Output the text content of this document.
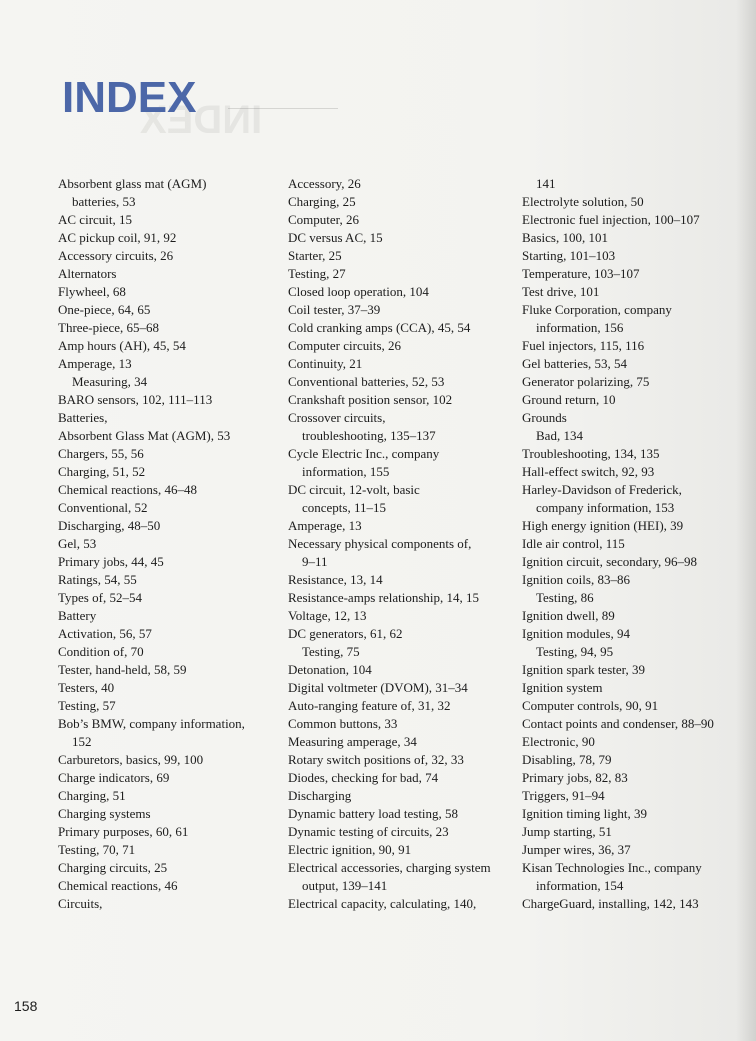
INDEX
INDEX
Absorbent glass mat (AGM)
batteries, 53
AC circuit, 15
AC pickup coil, 91, 92
Accessory circuits, 26
Alternators
Flywheel, 68
One-piece, 64, 65
Three-piece, 65–68
Amp hours (AH), 45, 54
Amperage, 13
Measuring, 34
BARO sensors, 102, 111–113
Batteries,
Absorbent Glass Mat (AGM), 53
Chargers, 55, 56
Charging, 51, 52
Chemical reactions, 46–48
Conventional, 52
Discharging, 48–50
Gel, 53
Primary jobs, 44, 45
Ratings, 54, 55
Types of, 52–54
Battery
Activation, 56, 57
Condition of, 70
Tester, hand-held, 58, 59
Testers, 40
Testing, 57
Bob’s BMW, company information,
152
Carburetors, basics, 99, 100
Charge indicators, 69
Charging, 51
Charging systems
Primary purposes, 60, 61
Testing, 70, 71
Charging circuits, 25
Chemical reactions, 46
Circuits,
Accessory, 26
Charging, 25
Computer, 26
DC versus AC, 15
Starter, 25
Testing, 27
Closed loop operation, 104
Coil tester, 37–39
Cold cranking amps (CCA), 45, 54
Computer circuits, 26
Continuity, 21
Conventional batteries, 52, 53
Crankshaft position sensor, 102
Crossover circuits,
troubleshooting, 135–137
Cycle Electric Inc., company
information, 155
DC circuit, 12-volt, basic
concepts, 11–15
Amperage, 13
Necessary physical components of,
9–11
Resistance, 13, 14
Resistance-amps relationship, 14, 15
Voltage, 12, 13
DC generators, 61, 62
Testing, 75
Detonation, 104
Digital voltmeter (DVOM), 31–34
Auto-ranging feature of, 31, 32
Common buttons, 33
Measuring amperage, 34
Rotary switch positions of, 32, 33
Diodes, checking for bad, 74
Discharging
Dynamic battery load testing, 58
Dynamic testing of circuits, 23
Electric ignition, 90, 91
Electrical accessories, charging system
output, 139–141
Electrical capacity, calculating, 140,
141
Electrolyte solution, 50
Electronic fuel injection, 100–107
Basics, 100, 101
Starting, 101–103
Temperature, 103–107
Test drive, 101
Fluke Corporation, company
information, 156
Fuel injectors, 115, 116
Gel batteries, 53, 54
Generator polarizing, 75
Ground return, 10
Grounds
Bad, 134
Troubleshooting, 134, 135
Hall-effect switch, 92, 93
Harley-Davidson of Frederick,
company information, 153
High energy ignition (HEI), 39
Idle air control, 115
Ignition circuit, secondary, 96–98
Ignition coils, 83–86
Testing, 86
Ignition dwell, 89
Ignition modules, 94
Testing, 94, 95
Ignition spark tester, 39
Ignition system
Computer controls, 90, 91
Contact points and condenser, 88–90
Electronic, 90
Disabling, 78, 79
Primary jobs, 82, 83
Triggers, 91–94
Ignition timing light, 39
Jump starting, 51
Jumper wires, 36, 37
Kisan Technologies Inc., company
information, 154
ChargeGuard, installing, 142, 143
158
